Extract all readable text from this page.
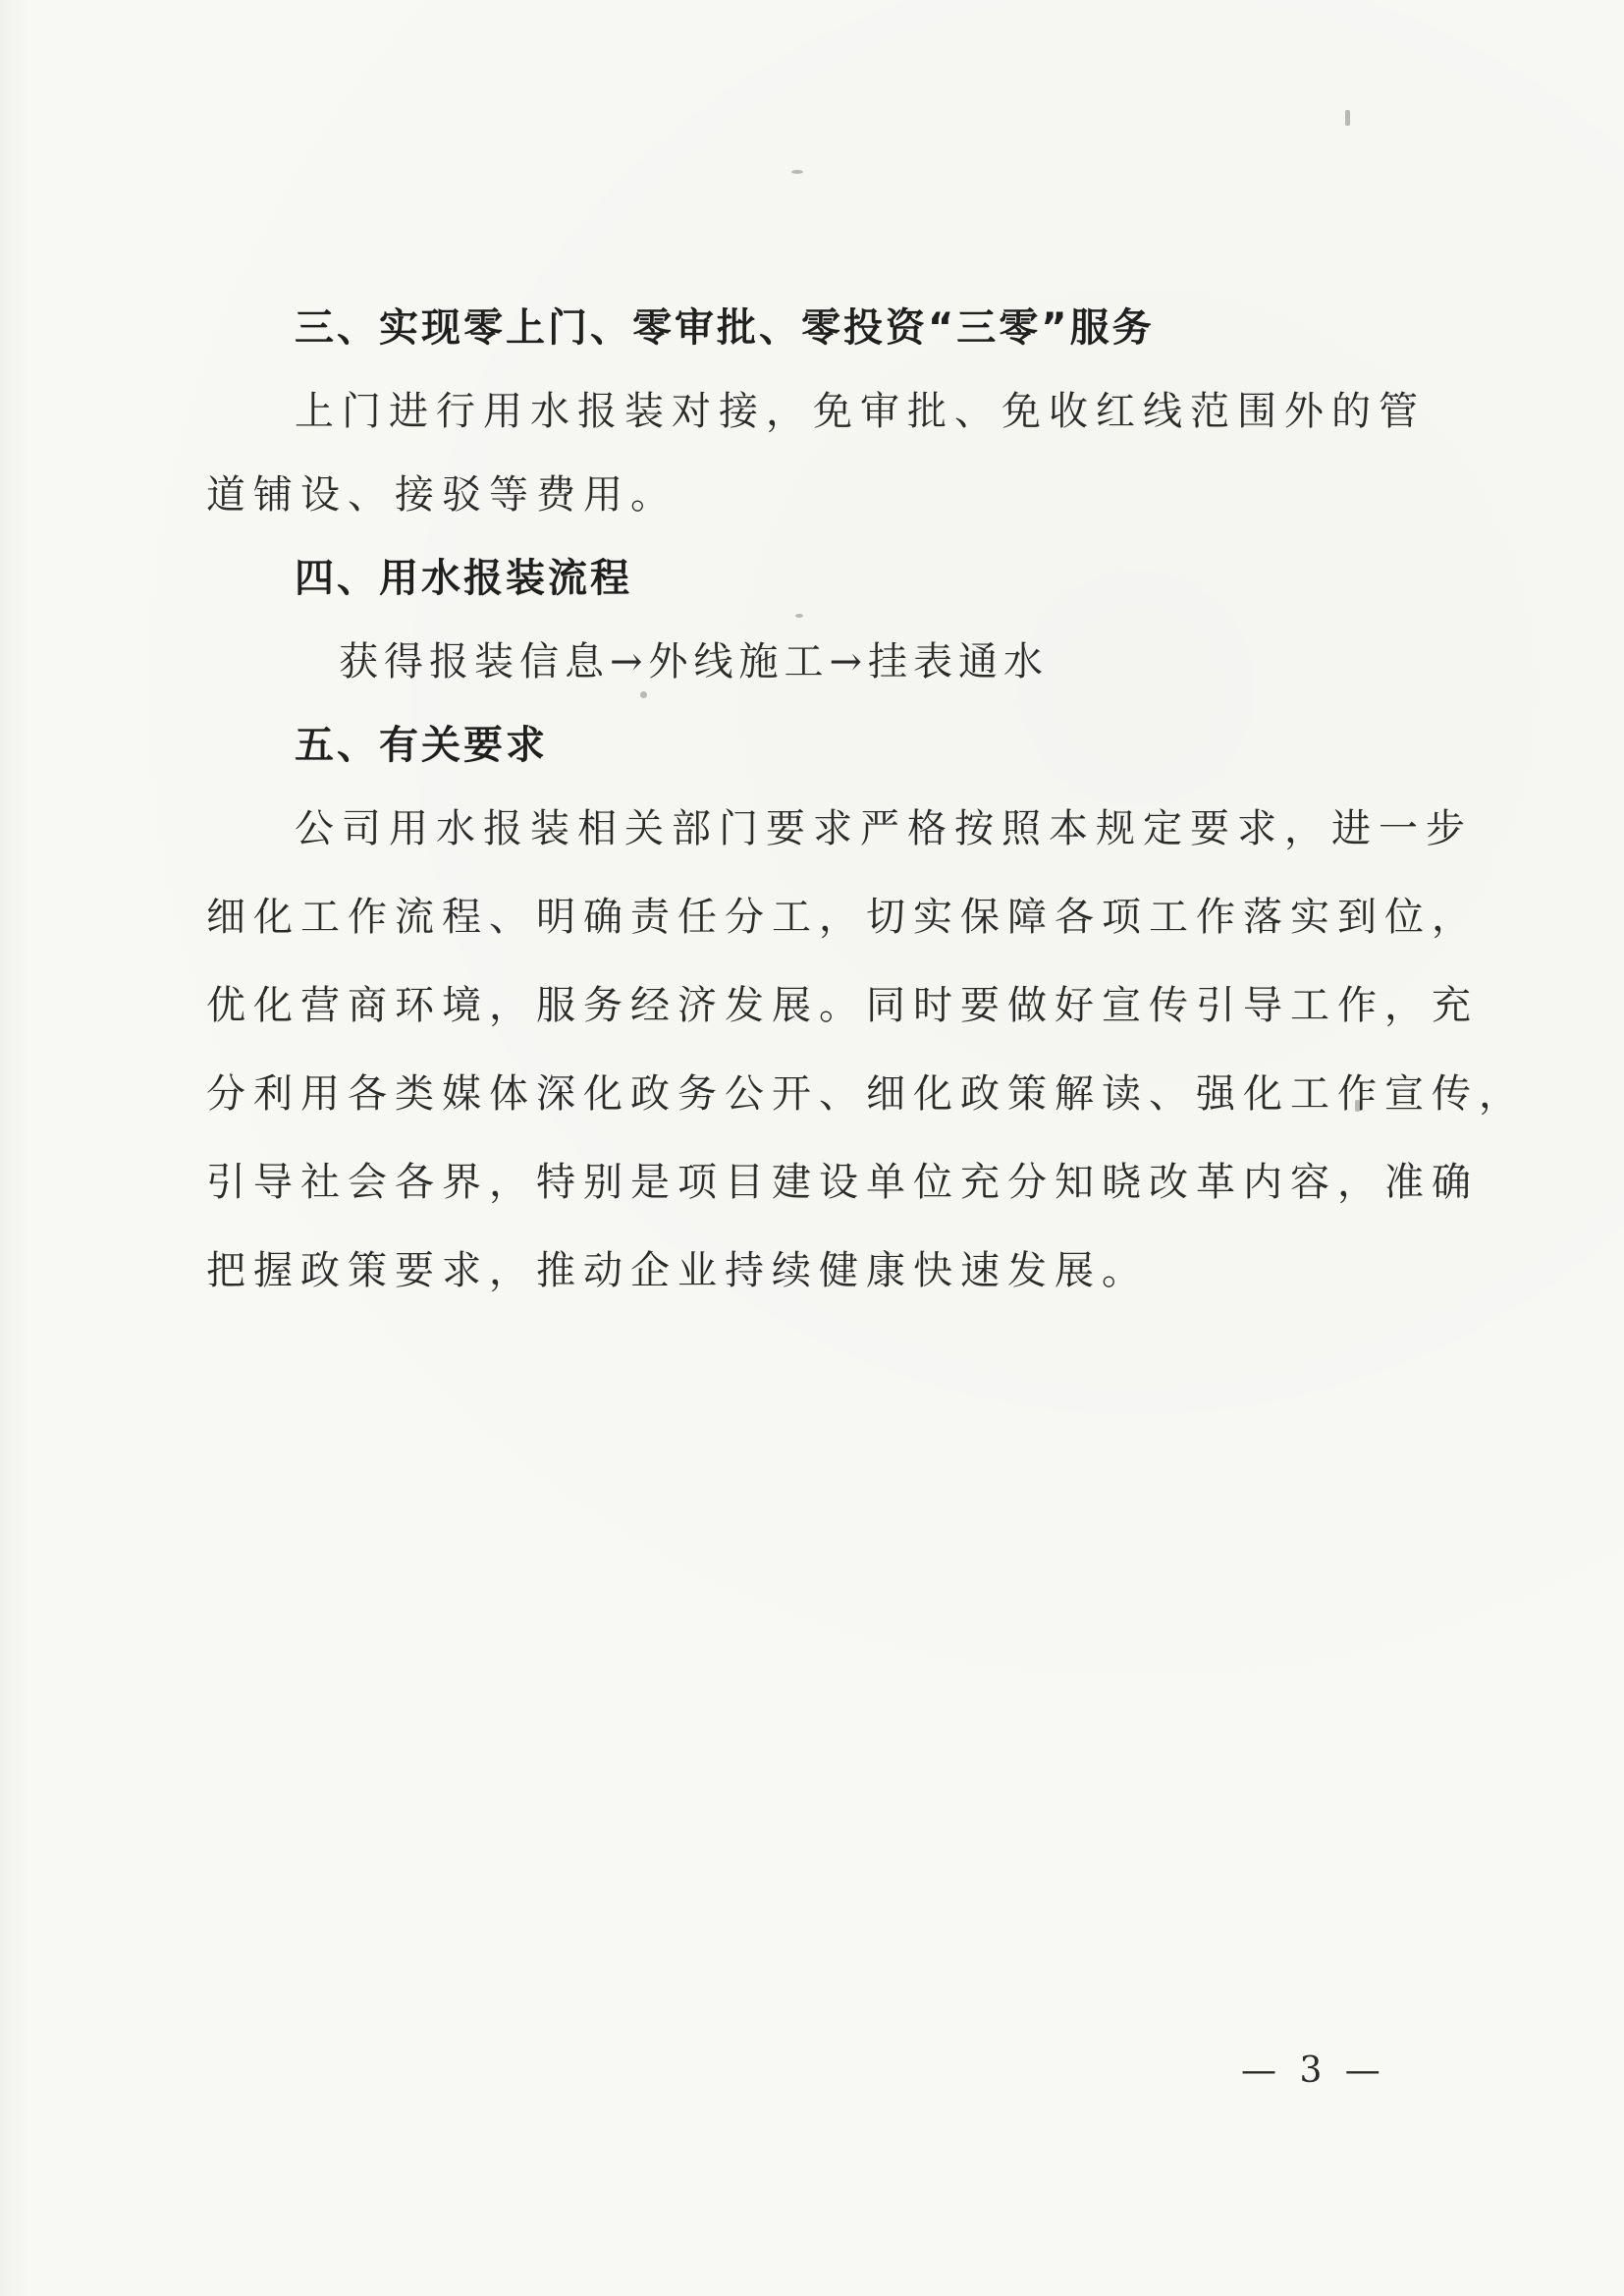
三、实现零上门、零审批、零投资“三零”服务
上门进行用水报装对接，免审批、免收红线范围外的管
道铺设、接驳等费用。
四、用水报装流程
获得报装信息→外线施工→挂表通水
五、有关要求
公司用水报装相关部门要求严格按照本规定要求，进一步
细化工作流程、明确责任分工，切实保障各项工作落实到位，
优化营商环境，服务经济发展。同时要做好宣传引导工作，充
分利用各类媒体深化政务公开、细化政策解读、强化工作宣传，
引导社会各界，特别是项目建设单位充分知晓改革内容，准确
把握政策要求，推动企业持续健康快速发展。
— 3 —
